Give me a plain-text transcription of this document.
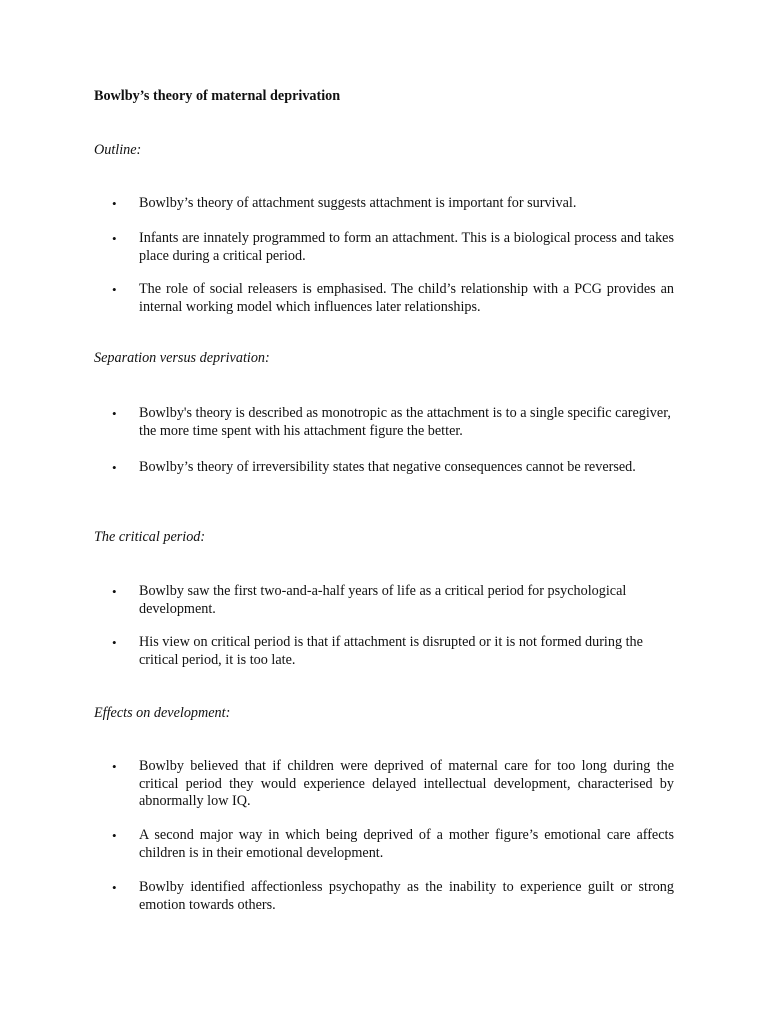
Bowlby’s theory of maternal deprivation
Outline:
•	Bowlby’s theory of attachment suggests attachment is important for survival.
•	Infants are innately programmed to form an attachment. This is a biological process and takes place during a critical period.
•	The role of social releasers is emphasised. The child’s relationship with a PCG provides an internal working model which influences later relationships.
Separation versus deprivation:
•	Bowlby's theory is described as monotropic as the attachment is to a single specific caregiver, the more time spent with his attachment figure the better.
•	Bowlby’s theory of irreversibility states that negative consequences cannot be reversed.
The critical period:
•	Bowlby saw the first two-and-a-half years of life as a critical period for psychological development.
•	His view on critical period is that if attachment is disrupted or it is not formed during the critical period, it is too late.
Effects on development:
•	Bowlby believed that if children were deprived of maternal care for too long during the critical period they would experience delayed intellectual development, characterised by abnormally low IQ.
•	A second major way in which being deprived of a mother figure’s emotional care affects children is in their emotional development.
•	Bowlby identified affectionless psychopathy as the inability to experience guilt or strong emotion towards others.
